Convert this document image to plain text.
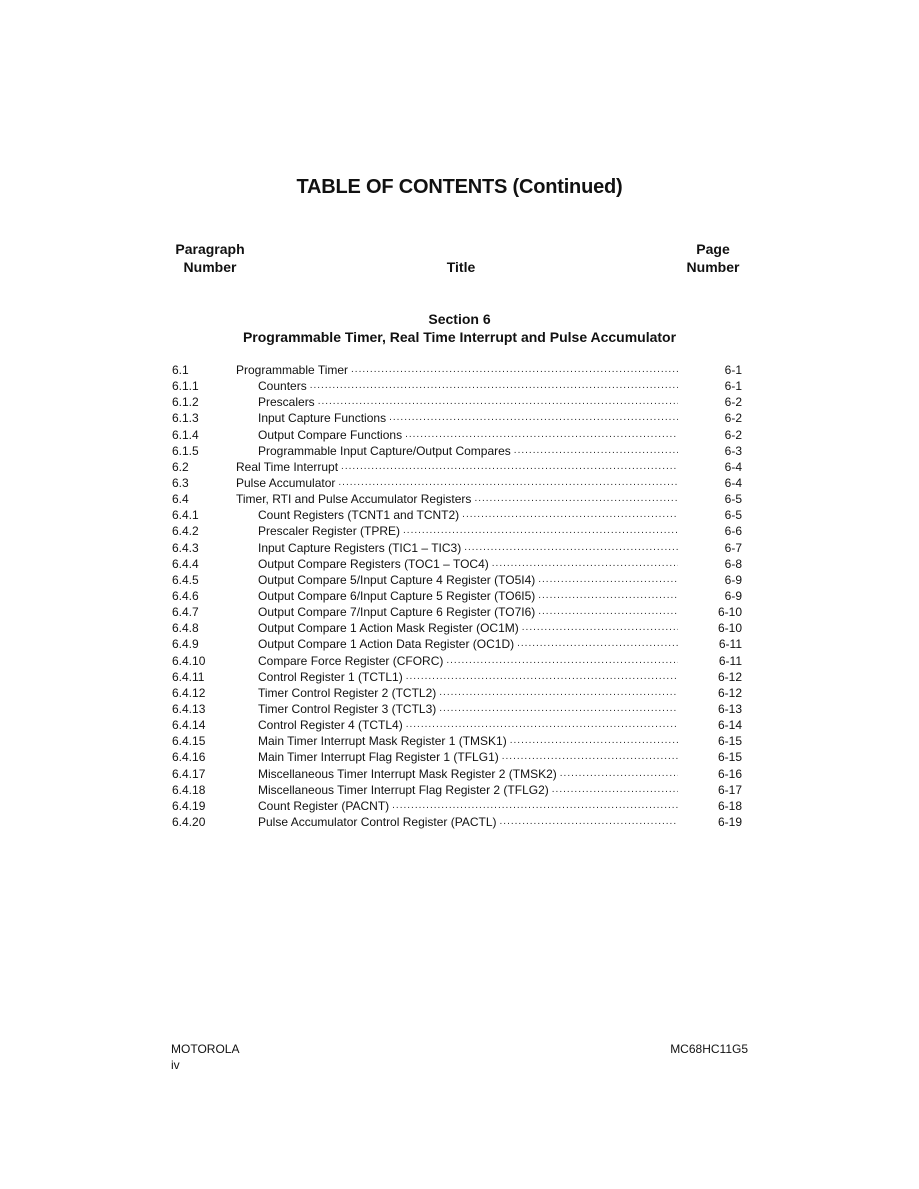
TABLE OF CONTENTS (Continued)
Paragraph
Number	Title
Page
Number
Section 6
Programmable Timer, Real Time Interrupt and Pulse Accumulator
6.1	Programmable Timer .....	6-1
6.1.1	Counters .....	6-1
6.1.2	Prescalers .....	6-2
6.1.3	Input Capture Functions .....	6-2
6.1.4	Output Compare Functions .....	6-2
6.1.5	Programmable Input Capture/Output Compares .....	6-3
6.2	Real Time Interrupt .....	6-4
6.3	Pulse Accumulator .....	6-4
6.4	Timer, RTI and Pulse Accumulator Registers .....	6-5
6.4.1	Count Registers (TCNT1 and TCNT2) .....	6-5
6.4.2	Prescaler Register (TPRE) .....	6-6
6.4.3	Input Capture Registers (TIC1 – TIC3) .....	6-7
6.4.4	Output Compare Registers (TOC1 – TOC4) .....	6-8
6.4.5	Output Compare 5/Input Capture 4 Register (TO5I4) .....	6-9
6.4.6	Output Compare 6/Input Capture 5 Register (TO6I5) .....	6-9
6.4.7	Output Compare 7/Input Capture 6 Register (TO7I6) .....	6-10
6.4.8	Output Compare 1 Action Mask Register (OC1M) .....	6-10
6.4.9	Output Compare 1 Action Data Register (OC1D) .....	6-11
6.4.10	Compare Force Register (CFORC) .....	6-11
6.4.11	Control Register 1 (TCTL1) .....	6-12
6.4.12	Timer Control Register 2 (TCTL2) .....	6-12
6.4.13	Timer Control Register 3 (TCTL3) .....	6-13
6.4.14	Control Register 4 (TCTL4) .....	6-14
6.4.15	Main Timer Interrupt Mask Register 1 (TMSK1) .....	6-15
6.4.16	Main Timer Interrupt Flag Register 1 (TFLG1) .....	6-15
6.4.17	Miscellaneous Timer Interrupt Mask Register 2 (TMSK2) .....	6-16
6.4.18	Miscellaneous Timer Interrupt Flag Register 2 (TFLG2) .....	6-17
6.4.19	Count Register (PACNT) .....	6-18
6.4.20	Pulse Accumulator Control Register (PACTL) .....	6-19
MOTOROLA
iv
MC68HC11G5
